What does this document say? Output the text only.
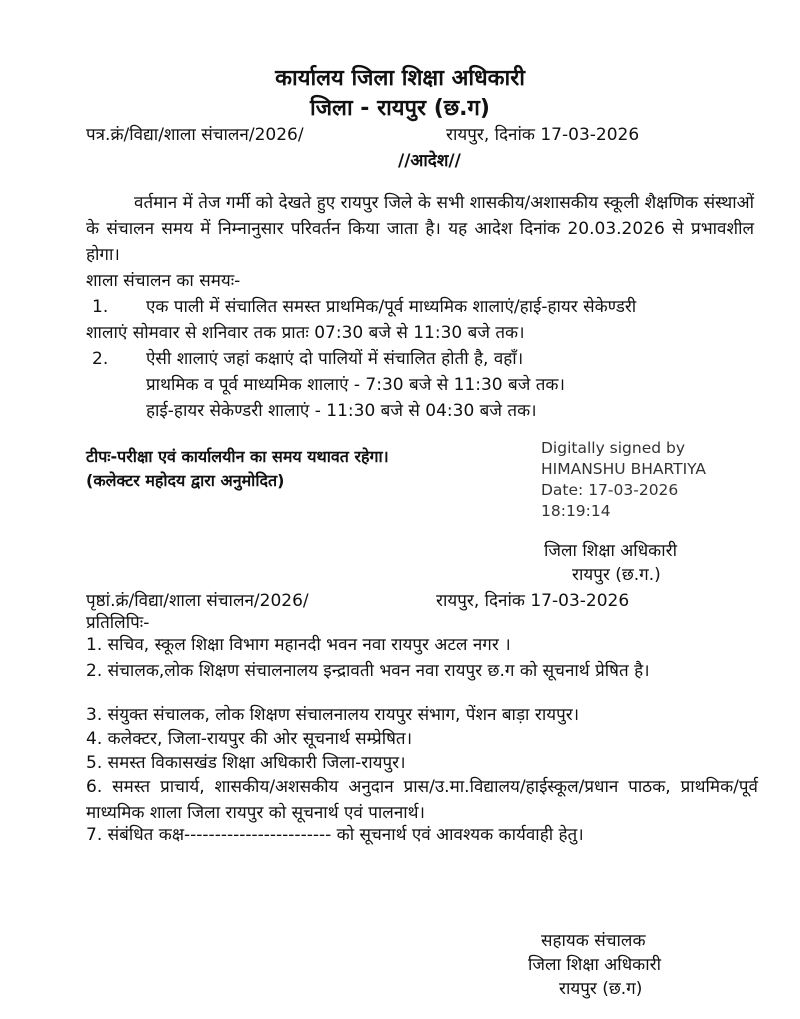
कार्यालय जिला शिक्षा अधिकारी
जिला - रायपुर (छ.ग)
पत्र.क्रं/विद्या/शाला संचालन/2026/	रायपुर, दिनांक 17-03-2026
//आदेश//
वर्तमान में तेज गर्मी को देखते हुए रायपुर जिले के सभी शासकीय/अशासकीय स्कूली शैक्षणिक संस्थाओं के संचालन समय में निम्नानुसार परिवर्तन किया जाता है। यह आदेश दिनांक 20.03.2026 से प्रभावशील होगा।
शाला संचालन का समयः-
1. एक पाली में संचालित समस्त प्राथमिक/पूर्व माध्यमिक शालाएं/हाई-हायर सेकेण्डरी
शालाएं सोमवार से शनिवार तक प्रातः 07:30 बजे से 11:30 बजे तक।
2. ऐसी शालाएं जहां कक्षाएं दो पालियों में संचालित होती है, वहाँ।
प्राथमिक व पूर्व माध्यमिक शालाएं - 7:30 बजे से 11:30 बजे तक।
हाई-हायर सेकेण्डरी शालाएं - 11:30 बजे से 04:30 बजे तक।
टीपः-परीक्षा एवं कार्यालयीन का समय यथावत रहेगा।
(कलेक्टर महोदय द्वारा अनुमोदित)
Digitally signed by
HIMANSHU BHARTIYA
Date: 17-03-2026
18:19:14
जिला शिक्षा अधिकारी
रायपुर (छ.ग.)
पृष्ठां.क्रं/विद्या/शाला संचालन/2026/	रायपुर, दिनांक 17-03-2026
प्रतिलिपिः-
1. सचिव, स्कूल शिक्षा विभाग महानदी भवन नवा रायपुर अटल नगर ।
2. संचालक,लोक शिक्षण संचालनालय इन्द्रावती भवन नवा रायपुर छ.ग को सूचनार्थ प्रेषित है।
3. संयुक्त संचालक, लोक शिक्षण संचालनालय रायपुर संभाग, पेंशन बाड़ा रायपुर।
4. कलेक्टर, जिला-रायपुर की ओर सूचनार्थ सम्प्रेषित।
5. समस्त विकासखंड शिक्षा अधिकारी जिला-रायपुर।
6. समस्त प्राचार्य, शासकीय/अशसकीय अनुदान प्रास/उ.मा.विद्यालय/हाईस्कूल/प्रधान पाठक, प्राथमिक/पूर्व माध्यमिक शाला जिला रायपुर को सूचनार्थ एवं पालनार्थ।
7. संबंधित कक्ष------------------------ को सूचनार्थ एवं आवश्यक कार्यवाही हेतु।
सहायक संचालक
जिला शिक्षा अधिकारी
रायपुर (छ.ग)
